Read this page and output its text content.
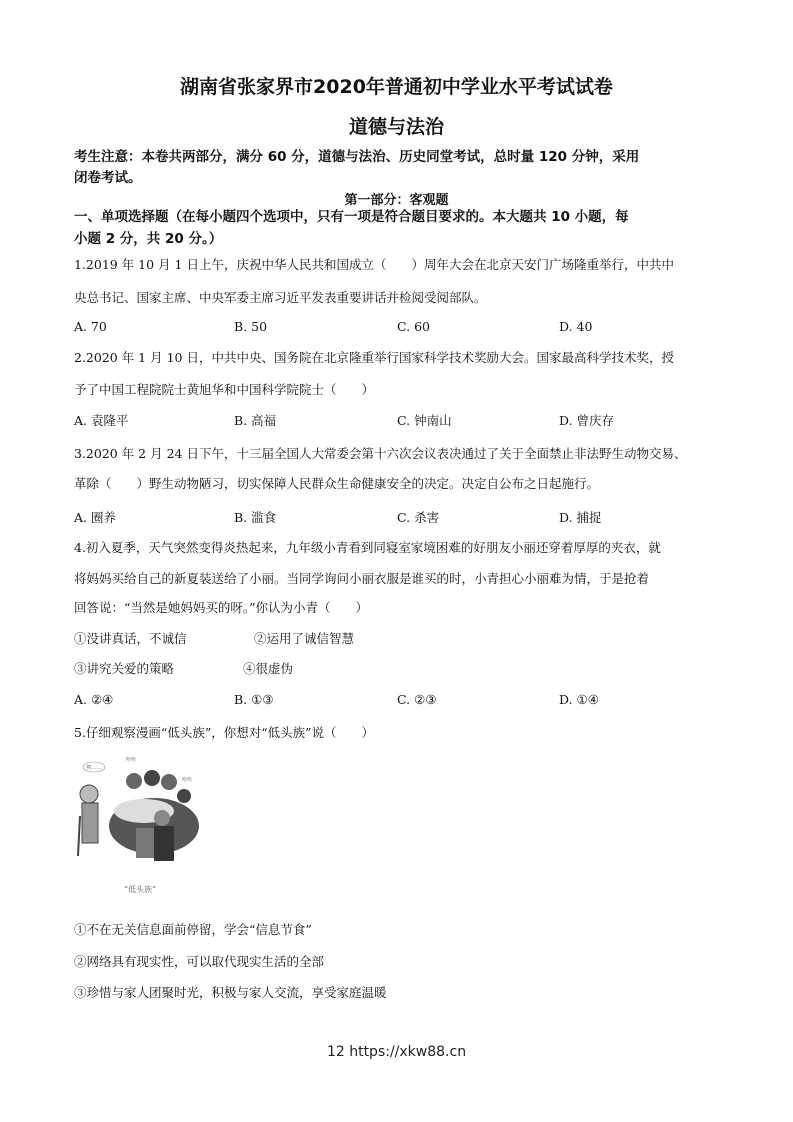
湖南省张家界市2020年普通初中学业水平考试试卷
道德与法治
考生注意：本卷共两部分，满分 60 分，道德与法治、历史同堂考试，总时量 120 分钟，采用
闭卷考试。
第一部分：客观题
一、单项选择题（在每小题四个选项中，只有一项是符合题目要求的。本大题共 10 小题，每
小题 2 分，共 20 分。）
1.2019 年 10 月 1 日上午，庆祝中华人民共和国成立（　　）周年大会在北京天安门广场隆重举行，中共中
央总书记、国家主席、中央军委主席习近平发表重要讲话并检阅受阅部队。
A. 70	B. 50	C. 60	D. 40
2.2020 年 1 月 10 日，中共中央、国务院在北京隆重举行国家科学技术奖励大会。国家最高科学技术奖，授
予了中国工程院院士黄旭华和中国科学院院士（　　）
A. 袁隆平	B. 高福	C. 钟南山	D. 曾庆存
3.2020 年 2 月 24 日下午，十三届全国人大常委会第十六次会议表决通过了关于全面禁止非法野生动物交易、
革除（　　）野生动物陋习，切实保障人民群众生命健康安全的决定。决定自公布之日起施行。
A. 圈养	B. 滥食	C. 杀害	D. 捕捉
4.初入夏季，天气突然变得炎热起来，九年级小青看到同寝室家境困难的好朋友小丽还穿着厚厚的夹衣，就
将妈妈买给自己的新夏装送给了小丽。当同学询问小丽衣服是谁买的时，小青担心小丽难为情，于是抢着
回答说：“当然是她妈妈买的呀。”你认为小青（　　）
①没讲真话，不诚信	②运用了诚信智慧
③讲究关爱的策略	④很虚伪
A. ②④	B. ①③	C. ②③	D. ①④
5.仔细观察漫画“低头族”，你想对“低头族”说（　　）
唉……
哈哈
哈哈
“低头族”
①不在无关信息面前停留，学会“信息节食”
②网络具有现实性，可以取代现实生活的全部
③珍惜与家人团聚时光，积极与家人交流，享受家庭温暖
12 https://xkw88.cn
